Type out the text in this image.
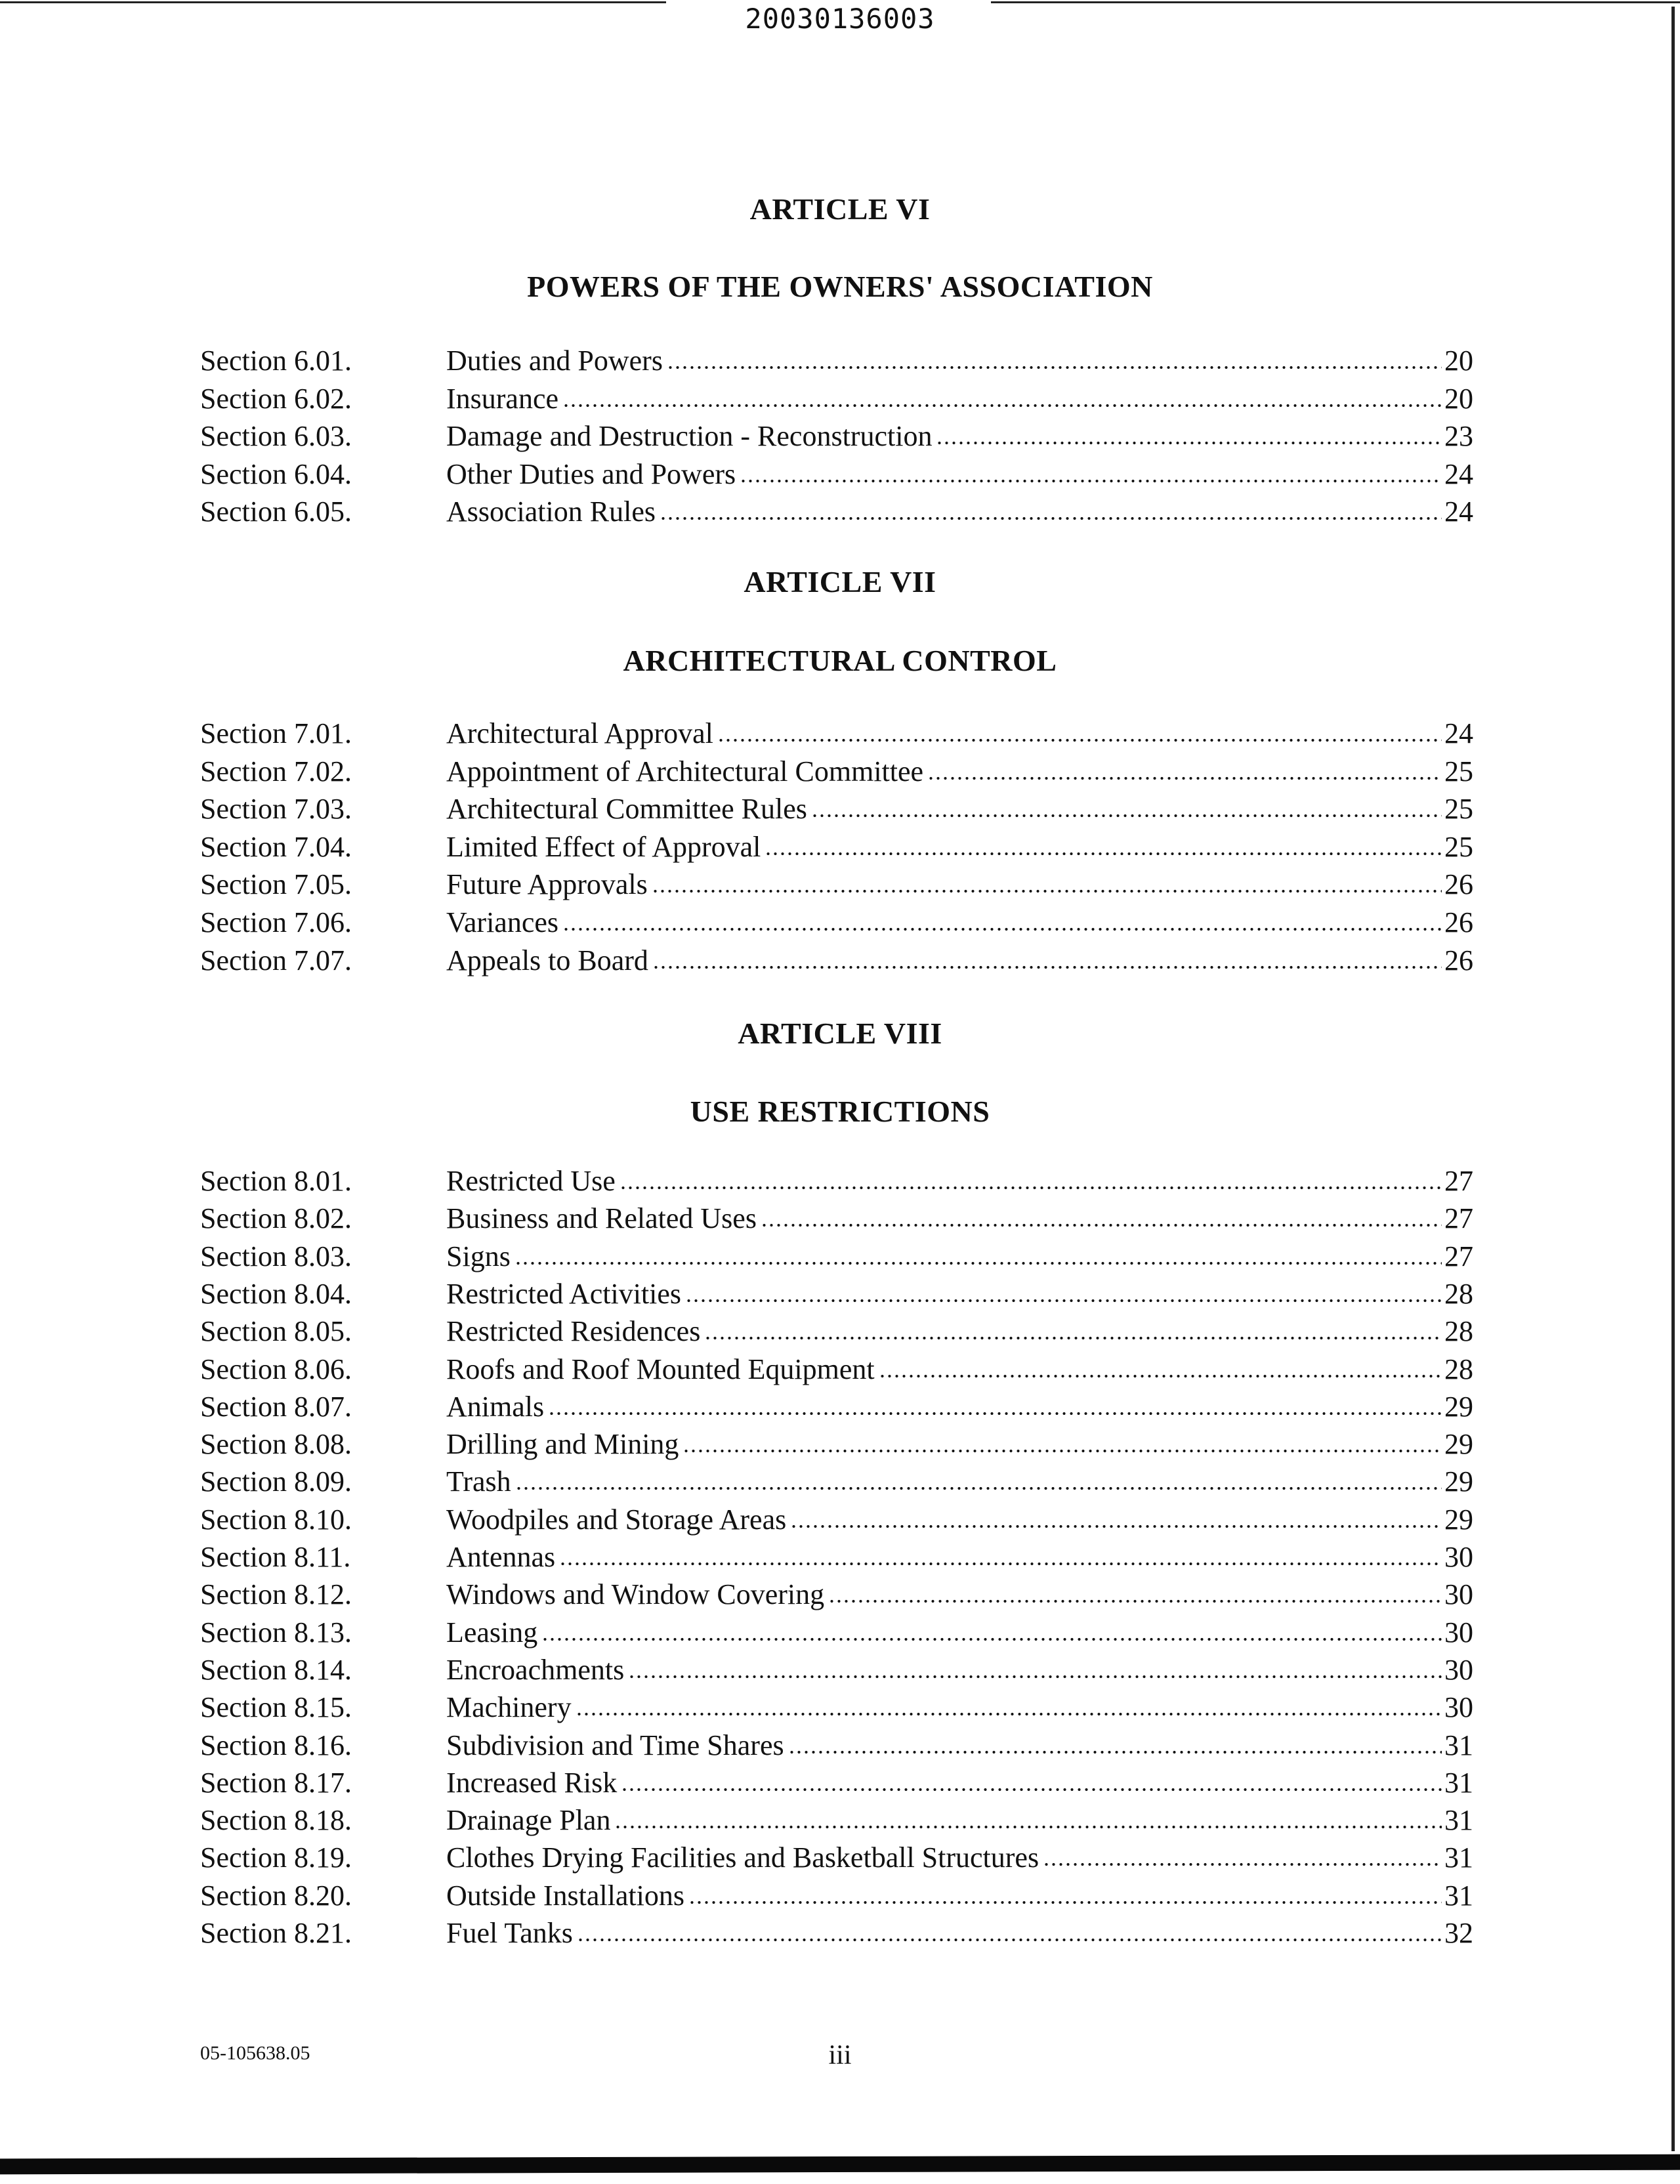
20030136003
ARTICLE VI
POWERS OF THE OWNERS' ASSOCIATION
Section 6.01.	Duties and Powers	20
Section 6.02.	Insurance	20
Section 6.03.	Damage and Destruction - Reconstruction	23
Section 6.04.	Other Duties and Powers	24
Section 6.05.	Association Rules	24
ARTICLE VII
ARCHITECTURAL CONTROL
Section 7.01.	Architectural Approval	24
Section 7.02.	Appointment of Architectural Committee	25
Section 7.03.	Architectural Committee Rules	25
Section 7.04.	Limited Effect of Approval	25
Section 7.05.	Future Approvals	26
Section 7.06.	Variances	26
Section 7.07.	Appeals to Board	26
ARTICLE VIII
USE RESTRICTIONS
Section 8.01.	Restricted Use	27
Section 8.02.	Business and Related Uses	27
Section 8.03.	Signs	27
Section 8.04.	Restricted Activities	28
Section 8.05.	Restricted Residences	28
Section 8.06.	Roofs and Roof Mounted Equipment	28
Section 8.07.	Animals	29
Section 8.08.	Drilling and Mining	29
Section 8.09.	Trash	29
Section 8.10.	Woodpiles and Storage Areas	29
Section 8.11.	Antennas	30
Section 8.12.	Windows and Window Covering	30
Section 8.13.	Leasing	30
Section 8.14.	Encroachments	30
Section 8.15.	Machinery	30
Section 8.16.	Subdivision and Time Shares	31
Section 8.17.	Increased Risk	31
Section 8.18.	Drainage Plan	31
Section 8.19.	Clothes Drying Facilities and Basketball Structures	31
Section 8.20.	Outside Installations	31
Section 8.21.	Fuel Tanks	32
05-105638.05	iii
